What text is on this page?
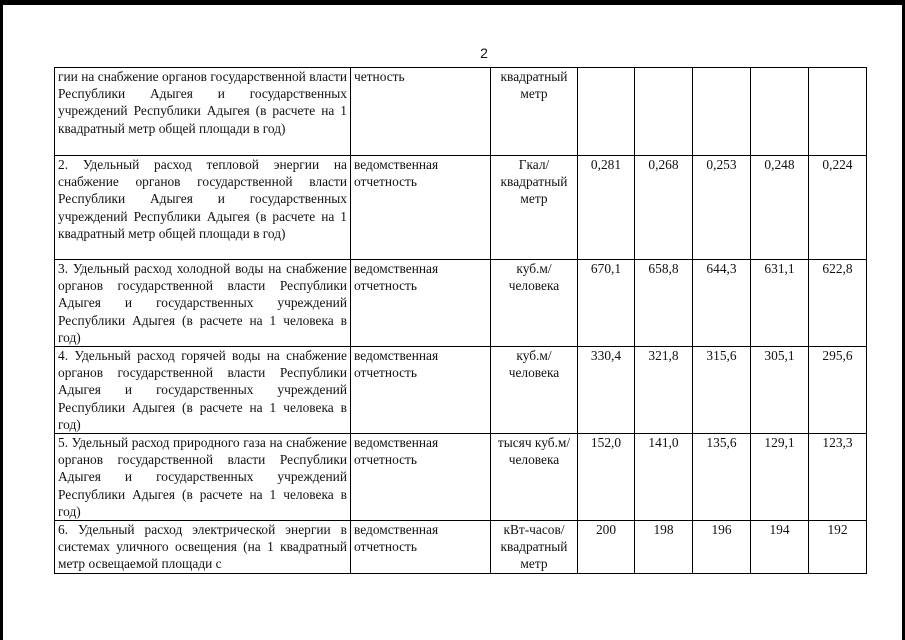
2
гии на снабжение органов государственной власти Республики Адыгея и государственных учреждений Республики Адыгея (в расчете на 1 квадратный метр общей площади в год)	четность	квадратный метр					
2. Удельный расход тепловой энергии на снабжение органов государственной власти Республики Адыгея и государственных учреждений Республики Адыгея (в расчете на 1 квадратный метр общей площади в год)	ведомственная отчетность	Гкал/квадратный метр	0,281	0,268	0,253	0,248	0,224
3. Удельный расход холодной воды на снабжение органов государственной власти Республики Адыгея и государственных учреждений Республики Адыгея (в расчете на 1 человека в год)	ведомственная отчетность	куб.м/человека	670,1	658,8	644,3	631,1	622,8
4. Удельный расход горячей воды на снабжение органов государственной власти Республики Адыгея и государственных учреждений Республики Адыгея (в расчете на 1 человека в год)	ведомственная отчетность	куб.м/человека	330,4	321,8	315,6	305,1	295,6
5. Удельный расход природного газа на снабжение органов государственной власти Республики Адыгея и государственных учреждений Республики Адыгея (в расчете на 1 человека в год)	ведомственная отчетность	тысяч куб.м/человека	152,0	141,0	135,6	129,1	123,3
6. Удельный расход электрической энергии в системах уличного освещения (на 1 квадратный метр освещаемой площади с	ведомственная отчетность	кВт-часов/квадратный метр	200	198	196	194	192
